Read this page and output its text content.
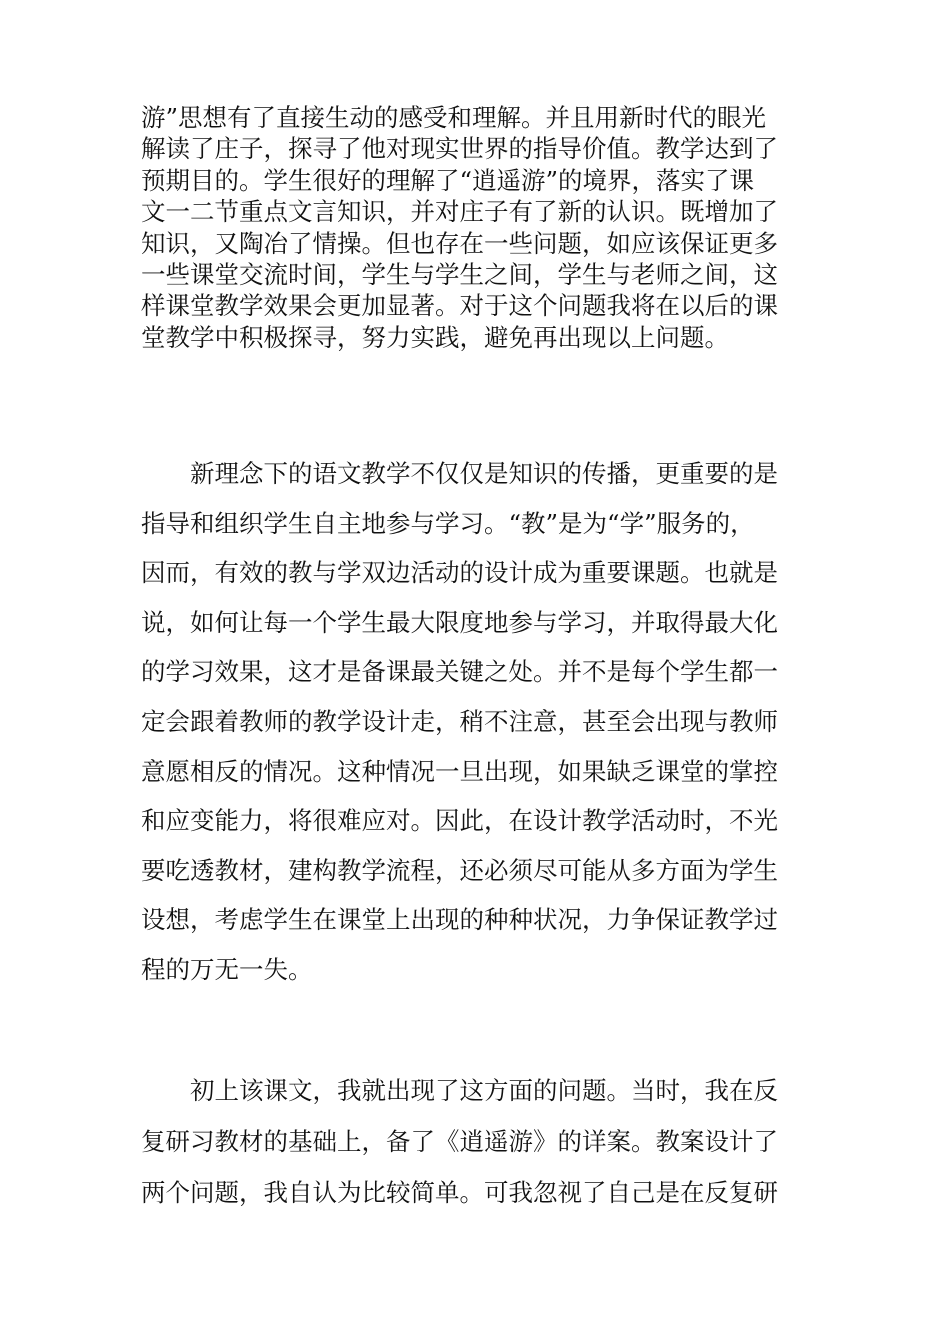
游”思想有了直接生动的感受和理解。并且用新时代的眼光
解读了庄子，探寻了他对现实世界的指导价值。教学达到了
预期目的。学生很好的理解了“逍遥游”的境界，落实了课
文一二节重点文言知识，并对庄子有了新的认识。既增加了
知识，又陶冶了情操。但也存在一些问题，如应该保证更多
一些课堂交流时间，学生与学生之间，学生与老师之间，这
样课堂教学效果会更加显著。对于这个问题我将在以后的课
堂教学中积极探寻，努力实践，避免再出现以上问题。
新理念下的语文教学不仅仅是知识的传播，更重要的是
指导和组织学生自主地参与学习。“教”是为“学”服务的，
因而，有效的教与学双边活动的设计成为重要课题。也就是
说，如何让每一个学生最大限度地参与学习，并取得最大化
的学习效果，这才是备课最关键之处。并不是每个学生都一
定会跟着教师的教学设计走，稍不注意，甚至会出现与教师
意愿相反的情况。这种情况一旦出现，如果缺乏课堂的掌控
和应变能力，将很难应对。因此，在设计教学活动时，不光
要吃透教材，建构教学流程，还必须尽可能从多方面为学生
设想，考虑学生在课堂上出现的种种状况，力争保证教学过
程的万无一失。
初上该课文，我就出现了这方面的问题。当时，我在反
复研习教材的基础上，备了《逍遥游》的详案。教案设计了
两个问题，我自认为比较简单。可我忽视了自己是在反复研
